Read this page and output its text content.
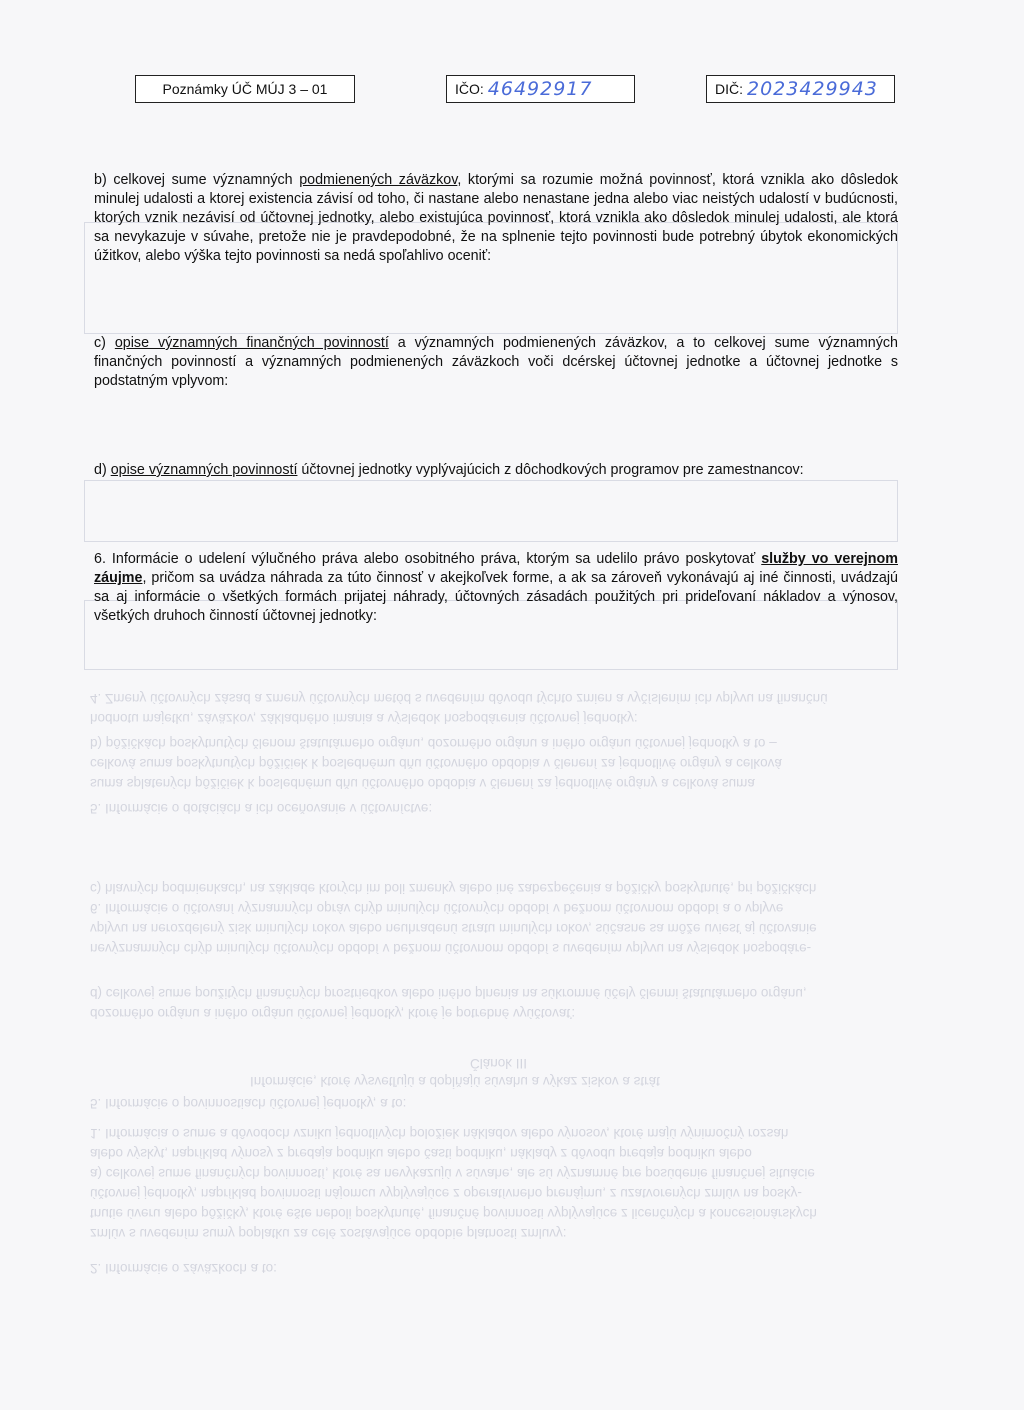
4. Zmeny účtovných zásad a zmeny účtovných metód s uvedením dôvodu týchto zmien a vyčíslením ich vplyvu na finančnú
hodnotu majetku, záväzkov, základného imania a výsledok hospodárenia účtovnej jednotky:
b) pôžičkách poskytnutých členom štatutárneho orgánu, dozorného orgánu a iného orgánu účtovnej jednotky a to –
celková suma poskytnutých pôžičiek k poslednému dňu účtovného obdobia v členení za jednotlivé orgány a celková
suma splatených pôžičiek k poslednému dňu účtovného obdobia v členení za jednotlivé orgány a celková suma
5. Informácie o dotáciách a ich oceňovanie v účtovníctve:
c) hlavných podmienkach, na základe ktorých im boli zmenky alebo iné zabezpečenia a pôžičky poskytnuté, pri pôžičkách
6. Informácie o účtovaní významných opráv chýb minulých účtovných období v bežnom účtovnom období a o vplyve
vplyvu na nerozdelený zisk minulých rokov alebo neuhradenú stratu minulých rokov, súčasne sa môže uviesť aj účtovanie
nevýznamných chýb minulých účtovných období v bežnom účtovnom období s uvedením vplyvu na výsledok hospodáre-
d) celkovej sume použitých finančných prostriedkov alebo iného plnenia na súkromné účely členmi štatutárneho orgánu,
dozorného orgánu a iného orgánu účtovnej jednotky, ktoré je potrebné vyúčtovať:
Článok III
Informácie, ktoré vysvetľujú a dopĺňajú súvahu a výkaz ziskov a strát
5. Informácie o povinnostiach účtovnej jednotky, a to:
1. Informácia o sume a dôvodoch vzniku jednotlivých položiek nákladov alebo výnosov, ktoré majú výnimočný rozsah
alebo výskyt, napríklad výnosy z predaja podniku alebo časti podniku, náklady z dôvodu predaja podniku alebo
a) celkovej sume finančných povinností, ktoré sa nevykazujú v súvahe, ale sú významné pre posúdenie finančnej situácie
účtovnej jednotky, napríklad povinnosti nájomcu vyplývajúce z operatívneho prenájmu, z uzatvorených zmlúv na posky-
tnutie úveru alebo pôžičky, ktoré ešte neboli poskytnuté, finančné povinnosti vyplývajúce z licenčných a koncesionárskych
zmlúv s uvedením sumy poplatku za celé zostávajúce obdobie platnosti zmluvy:
2. Informácie o záväzkoch a to:
Poznámky ÚČ MÚJ 3 – 01	IČO: 46492917	DIČ: 2023429943
b) celkovej sume významných podmienených záväzkov, ktorými sa rozumie možná povinnosť, ktorá vznikla ako dôsledok minulej udalosti a ktorej existencia závisí od toho, či nastane alebo nenastane jedna alebo viac neistých udalostí v budúcnosti, ktorých vznik nezávisí od účtovnej jednotky, alebo existujúca povinnosť, ktorá vznikla ako dôsledok minulej udalosti, ale ktorá sa nevykazuje v súvahe, pretože nie je pravdepodobné, že na splnenie tejto povinnosti bude potrebný úbytok ekonomických úžitkov, alebo výška tejto povinnosti sa nedá spoľahlivo oceniť:
c) opise významných finančných povinností a významných podmienených záväzkov, a to celkovej sume významných finančných povinností a významných podmienených záväzkoch voči dcérskej účtovnej jednotke a účtovnej jednotke s podstatným vplyvom:
d) opise významných povinností účtovnej jednotky vyplývajúcich z dôchodkových programov pre zamestnancov:
6. Informácie o udelení výlučného práva alebo osobitného práva, ktorým sa udelilo právo poskytovať služby vo verejnom záujme, pričom sa uvádza náhrada za túto činnosť v akejkoľvek forme, a ak sa zároveň vykonávajú aj iné činnosti, uvádzajú sa aj informácie o všetkých formách prijatej náhrady, účtovných zásadách použitých pri prideľovaní nákladov a výnosov, všetkých druhoch činností účtovnej jednotky:
